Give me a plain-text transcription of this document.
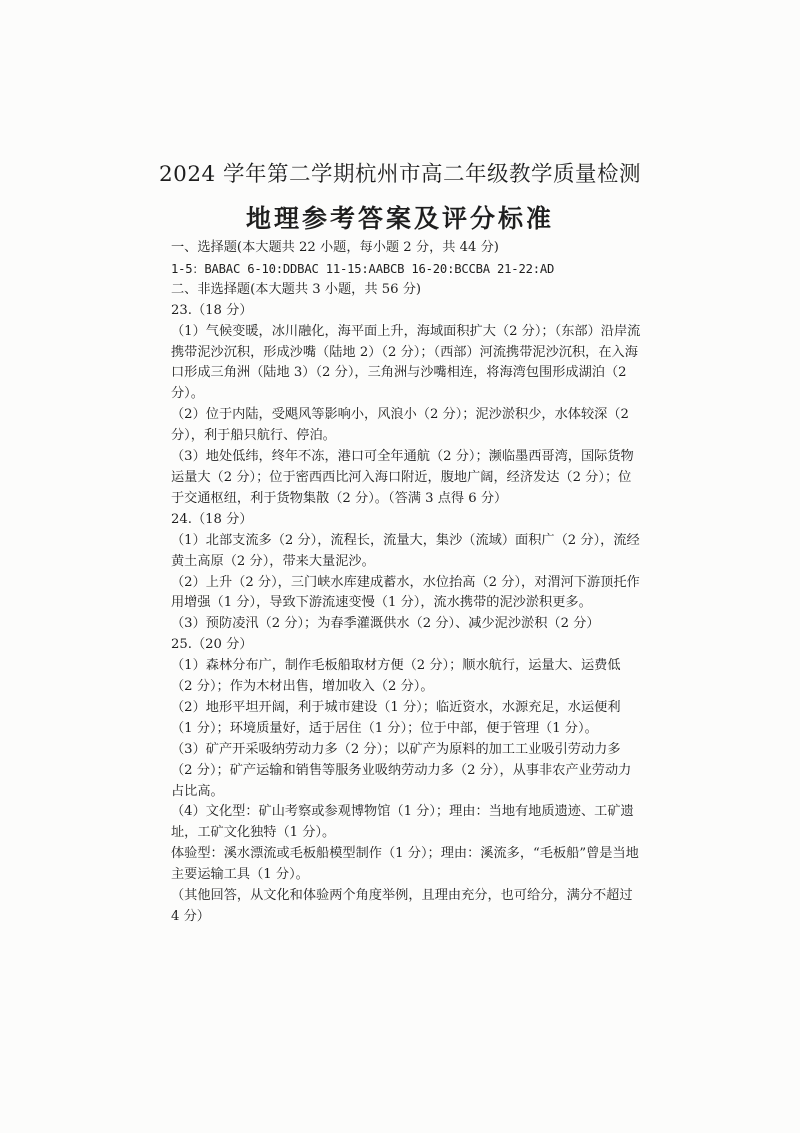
2024 学年第二学期杭州市高二年级教学质量检测
地理参考答案及评分标准

一、选择题(本大题共 22 小题，每小题 2 分，共 44 分)

1-5：BABAC 6-10:DDBAC 11-15:AABCB 16-20:BCCBA 21-22:AD

二、非选择题(本大题共 3 小题，共 56 分)

23.（18 分）

（1）气候变暖，冰川融化，海平面上升，海域面积扩大（2 分）；（东部）沿岸流携带泥沙沉积，形成沙嘴（陆地 2）（2 分）；（西部）河流携带泥沙沉积，在入海口形成三角洲（陆地 3）（2 分），三角洲与沙嘴相连，将海湾包围形成湖泊（2 分）。

（2）位于内陆，受飓风等影响小，风浪小（2 分）；泥沙淤积少，水体较深（2 分），利于船只航行、停泊。

（3）地处低纬，终年不冻，港口可全年通航（2 分）；濒临墨西哥湾，国际货物运量大（2 分）；位于密西西比河入海口附近，腹地广阔，经济发达（2 分）；位于交通枢纽，利于货物集散（2 分）。（答满 3 点得 6 分）

24.（18 分）

（1）北部支流多（2 分），流程长，流量大，集沙（流域）面积广（2 分），流经黄土高原（2 分），带来大量泥沙。

（2）上升（2 分），三门峡水库建成蓄水，水位抬高（2 分），对渭河下游顶托作用增强（1 分），导致下游流速变慢（1 分），流水携带的泥沙淤积更多。

（3）预防凌汛（2 分）；为春季灌溉供水（2 分）、减少泥沙淤积（2 分）

25.（20 分）

（1）森林分布广，制作毛板船取材方便（2 分）；顺水航行，运量大、运费低（2 分）；作为木材出售，增加收入（2 分）。

（2）地形平坦开阔，利于城市建设（1 分）；临近资水，水源充足，水运便利（1 分）；环境质量好，适于居住（1 分）；位于中部，便于管理（1 分）。

（3）矿产开采吸纳劳动力多（2 分）；以矿产为原料的加工工业吸引劳动力多（2 分）；矿产运输和销售等服务业吸纳劳动力多（2 分），从事非农产业劳动力占比高。

（4）文化型：矿山考察或参观博物馆（1 分）；理由：当地有地质遗迹、工矿遗址，工矿文化独特（1 分）。

体验型：溪水漂流或毛板船模型制作（1 分）；理由：溪流多，“毛板船”曾是当地主要运输工具（1 分）。

（其他回答，从文化和体验两个角度举例，且理由充分，也可给分，满分不超过 4 分）
